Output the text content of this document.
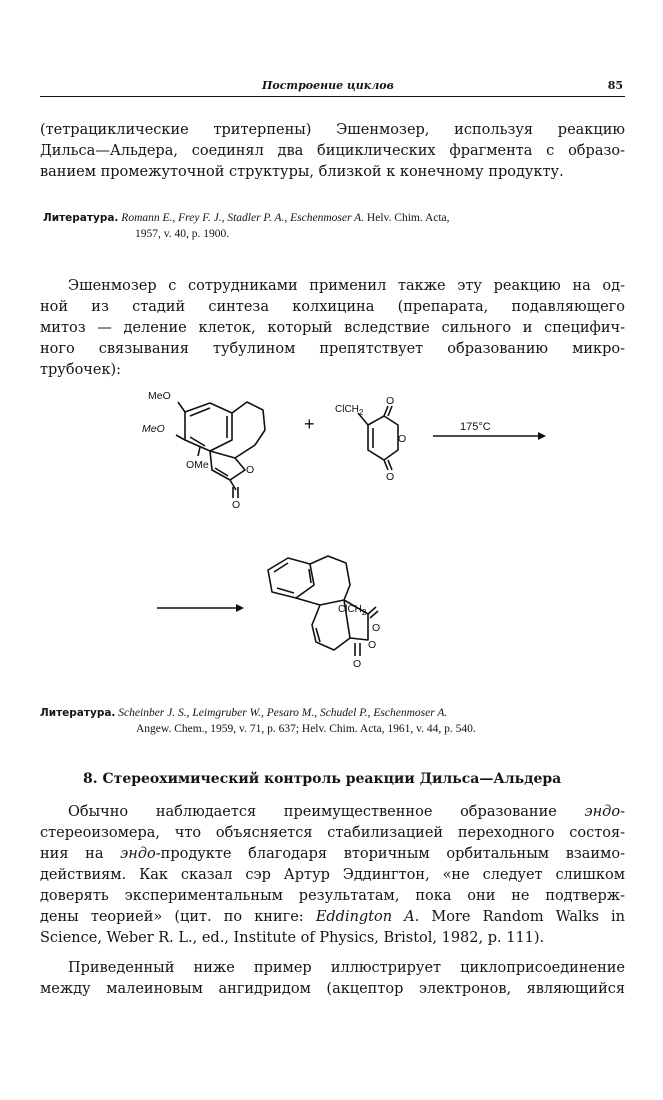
Построение циклов	85
(тетрациклические тритерпены) Эшенмозер, используя реакцию
Дильса—Альдера, соединял два бициклических фрагмента с образо-
ванием промежуточной структуры, близкой к конечному продукту.
Литература. Romann E., Frey F. J., Stadler P. A., Eschenmoser A. Helv. Chim. Acta,
1957, v. 40, p. 1900.
Эшенмозер с сотрудниками применил также эту реакцию на од-
ной из стадий синтеза колхицина (препарата, подавляющего
митоз — деление клеток, который вследствие сильного и специфич-
ного связывания тубулином препятствует образованию микро-
трубочек):
MeO
MeO
OMe	O
O
+
ClCH$_2$
O
O
O
175°C
ClCH$_2$
O
O
O
Литература. Scheinber J. S., Leimgruber W., Pesaro M., Schudel P., Eschenmoser A.
Angew. Chem., 1959, v. 71, p. 637; Helv. Chim. Acta, 1961, v. 44, p. 540.
8. Стереохимический контроль реакции Дильса—Альдера
Обычно наблюдается преимущественное образование эндо-
стереоизомера, что объясняется стабилизацией переходного состоя-
ния на эндо-продукте благодаря вторичным орбитальным взаимо-
действиям. Как сказал сэр Артур Эддингтон, «не следует слишком
доверять экспериментальным результатам, пока они не подтверж-
дены теорией» (цит. по книге: Eddington A. More Random Walks in
Science, Weber R. L., ed., Institute of Physics, Bristol, 1982, p. 111).
Приведенный ниже пример иллюстрирует циклоприсоединение
между малеиновым ангидридом (акцептор электронов, являющийся
